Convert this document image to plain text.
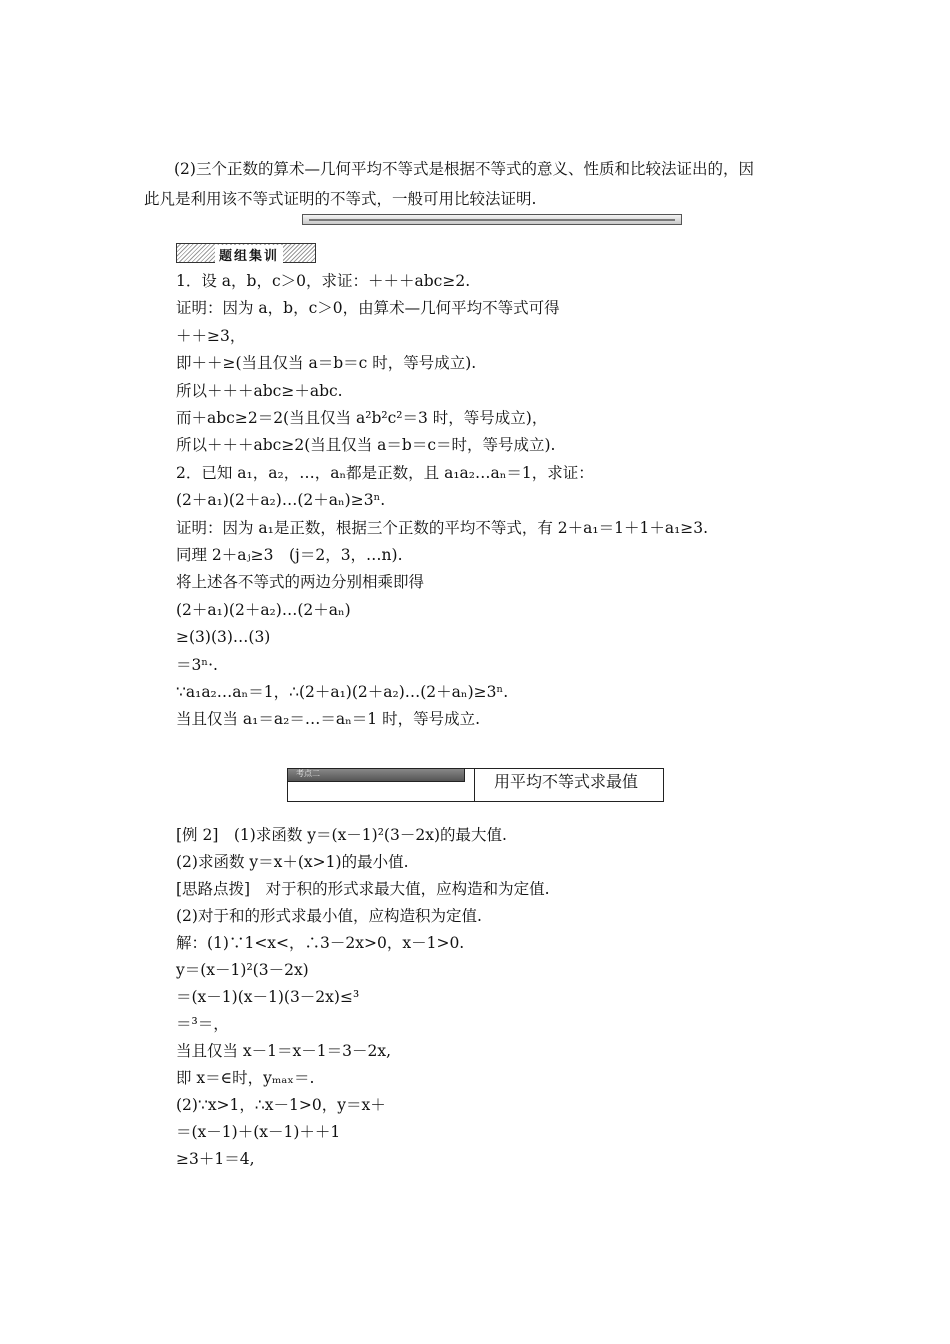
(2)三个正数的算术—几何平均不等式是根据不等式的意义、性质和比较法证出的，因
此凡是利用该不等式证明的不等式，一般可用比较法证明.
题组集训
1．设 a，b，c＞0，求证：＋＋＋abc≥2.
证明：因为 a，b，c＞0，由算术—几何平均不等式可得
＋＋≥3，
即＋＋≥(当且仅当 a＝b＝c 时，等号成立).
所以＋＋＋abc≥＋abc.
而＋abc≥2＝2(当且仅当 a²b²c²＝3 时，等号成立)，
所以＋＋＋abc≥2(当且仅当 a＝b＝c＝时，等号成立).
2．已知 a₁，a₂，…，aₙ都是正数，且 a₁a₂…aₙ＝1，求证：
(2＋a₁)(2＋a₂)…(2＋aₙ)≥3ⁿ.
证明：因为 a₁是正数，根据三个正数的平均不等式，有 2＋a₁＝1＋1＋a₁≥3.
同理 2＋aⱼ≥3　(j＝2，3，…n).
将上述各不等式的两边分别相乘即得
(2＋a₁)(2＋a₂)…(2＋aₙ)
≥(3)(3)…(3)
＝3ⁿ·.
∵a₁a₂…aₙ＝1，∴(2＋a₁)(2＋a₂)…(2＋aₙ)≥3ⁿ.
当且仅当 a₁＝a₂＝…＝aₙ＝1 时，等号成立.
考点二	用平均不等式求最值
[例 2]　(1)求函数 y＝(x－1)²(3－2x)的最大值.
(2)求函数 y＝x＋(x>1)的最小值.
[思路点拨]　对于积的形式求最大值，应构造和为定值.
(2)对于和的形式求最小值，应构造积为定值.
解：(1)∵1<x<，∴3－2x>0，x－1>0.
y＝(x－1)²(3－2x)
＝(x－1)(x－1)(3－2x)≤³
＝³＝，
当且仅当 x－1＝x－1＝3－2x,
即 x＝∈时，yₘₐₓ＝.
(2)∵x>1，∴x－1>0，y＝x＋
＝(x－1)＋(x－1)＋＋1
≥3＋1＝4,
